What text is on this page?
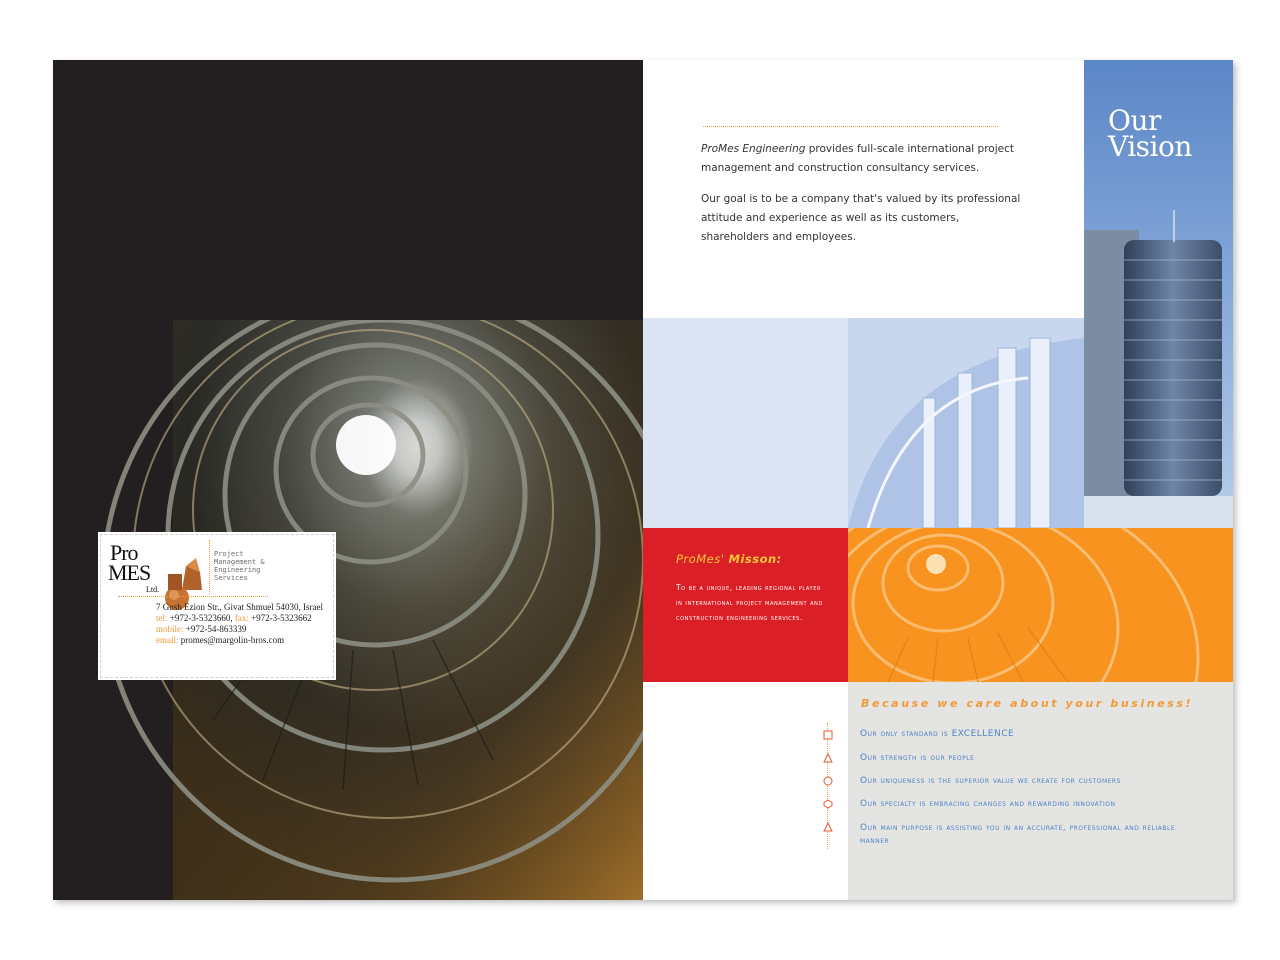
Pro
MES
Ltd.
Project Management & Engineering Services
7 Gush Ezion Str., Givat Shmuel 54030, Israel
tel: +972-3-5323660, fax: +972-3-5323662
mobile: +972-54-863339
email: promes@margolin-bros.com

ProMes Engineering provides full-scale international project management and construction consultancy services.

Our goal is to be a company that's valued by its professional attitude and experience as well as its customers, shareholders and employees.

Our
Vision
ProMes' Misson:
To be a unique, leading regional player in international project management and construction engineering services.
Because we care about your business!
Our only standard is EXCELLENCE
Our strength is our people
Our uniqueness is the superior value we create for customers
Our specialty is embracing changes and rewarding innovation
Our main purpose is assisting you in an accurate, professional and reliable manner
